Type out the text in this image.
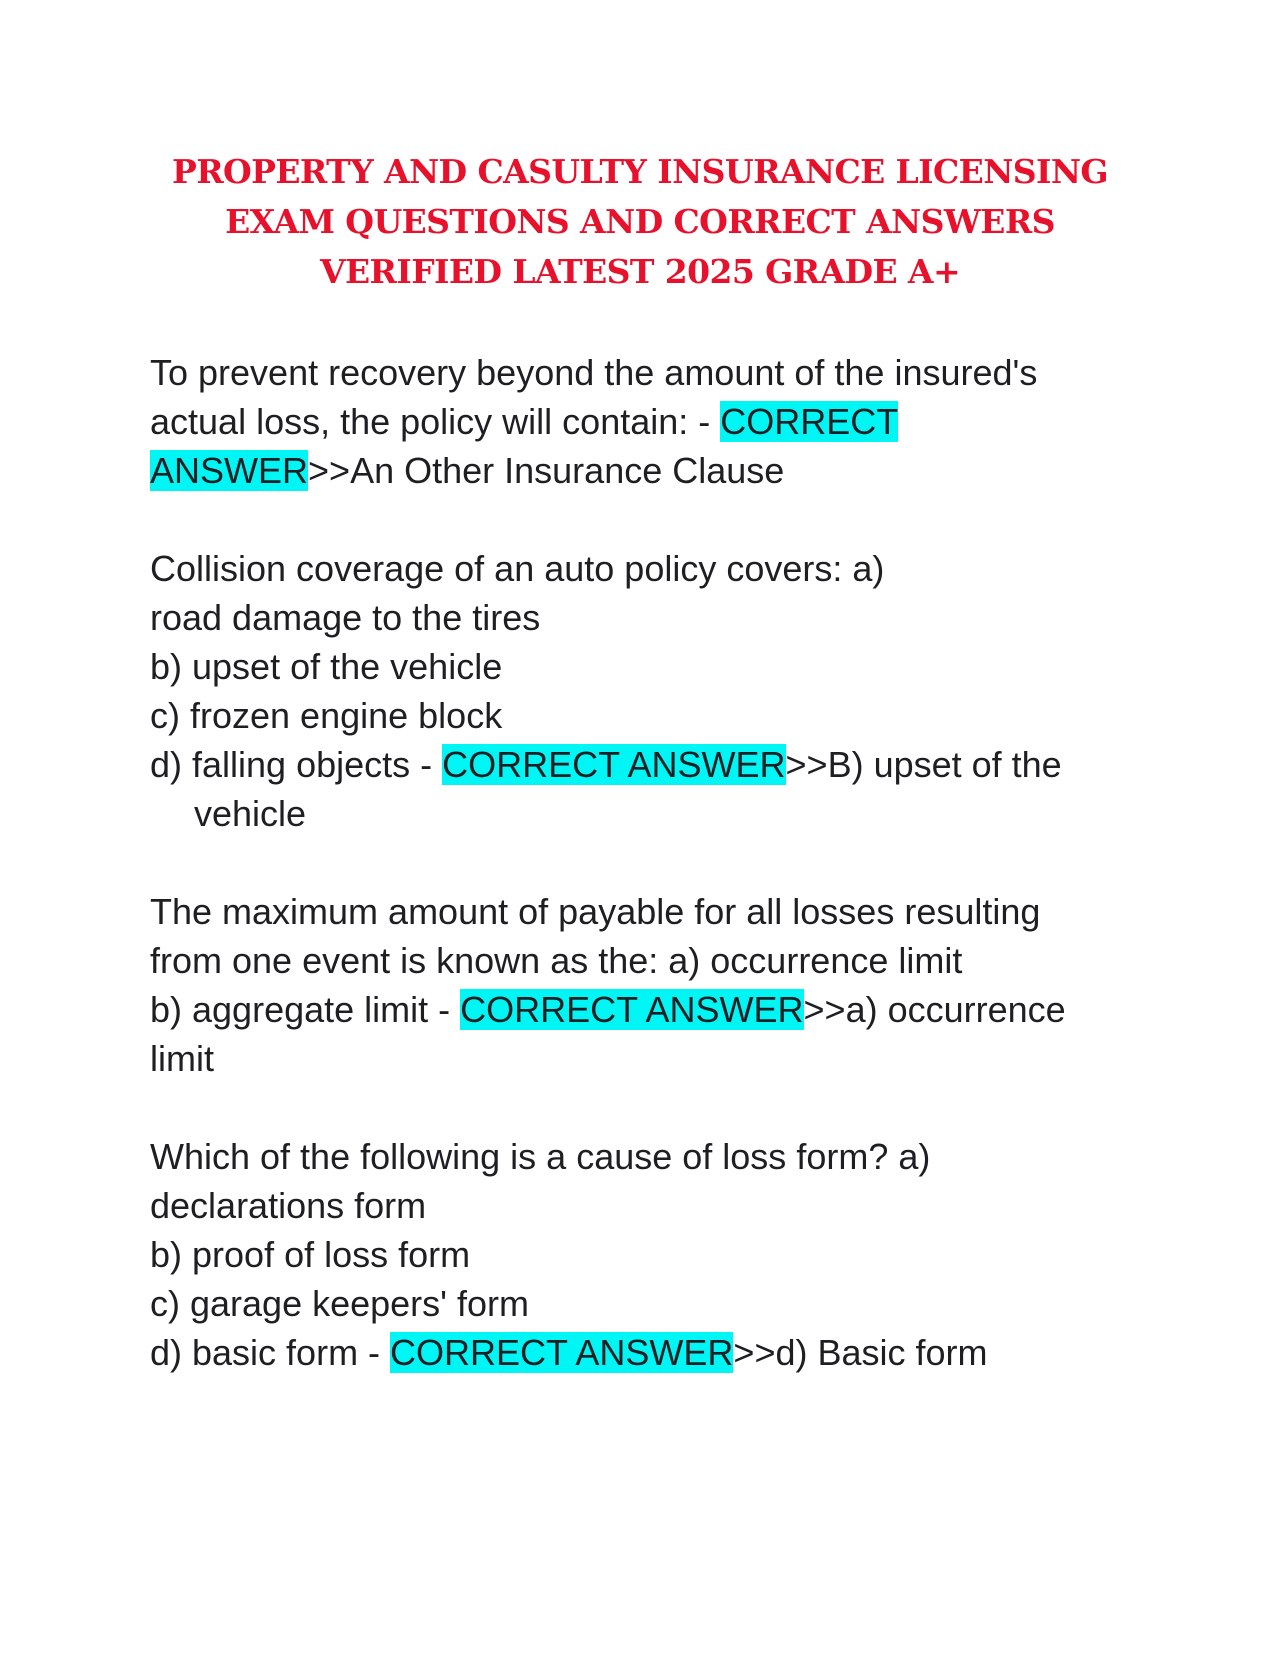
PROPERTY AND CASULTY INSURANCE LICENSING
EXAM QUESTIONS AND CORRECT ANSWERS
VERIFIED LATEST 2025 GRADE A+

To prevent recovery beyond the amount of the insured's
actual loss, the policy will contain: - CORRECT
ANSWER>>An Other Insurance Clause

Collision coverage of an auto policy covers: a)
road damage to the tires
b) upset of the vehicle
c) frozen engine block
d) falling objects - CORRECT ANSWER>>B) upset of the
vehicle

The maximum amount of payable for all losses resulting
from one event is known as the: a) occurrence limit
b) aggregate limit - CORRECT ANSWER>>a) occurrence
limit

Which of the following is a cause of loss form? a)
declarations form
b) proof of loss form
c) garage keepers' form
d) basic form - CORRECT ANSWER>>d) Basic form
